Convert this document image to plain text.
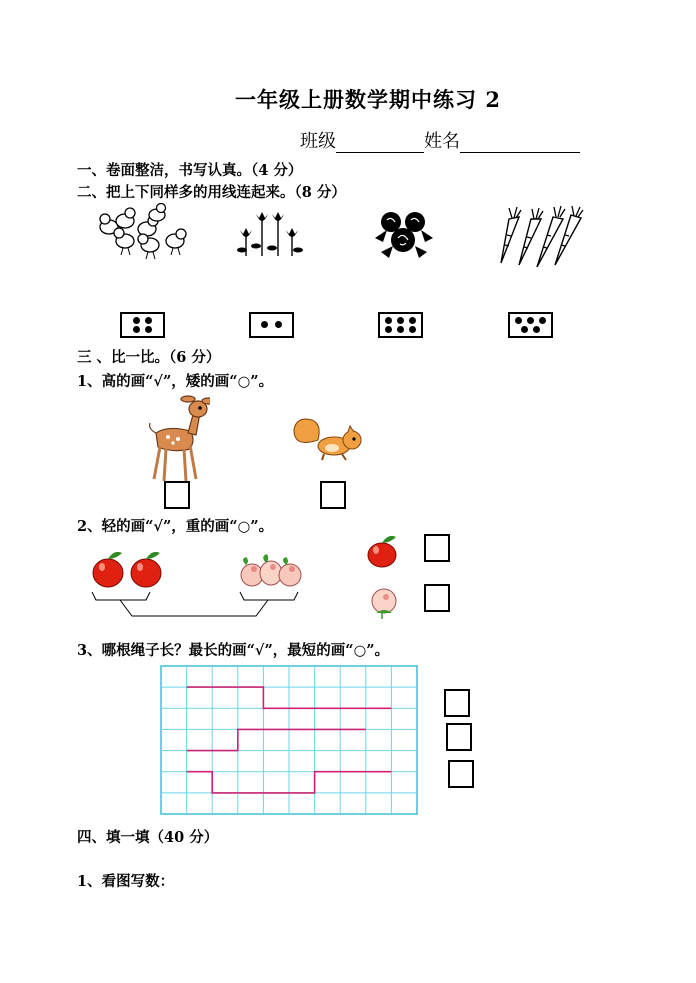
一年级上册数学期中练习 2
班级	姓名
一、卷面整洁，书写认真。（4 分）
二、把上下同样多的用线连起来。（8 分）
三 、比一比。（6 分）
1、高的画“√”，矮的画“○”。
2、轻的画“√”，重的画“○”。
3、哪根绳子长？最长的画“√”，最短的画“○”。
四、填一填（40 分）
1、看图写数：
